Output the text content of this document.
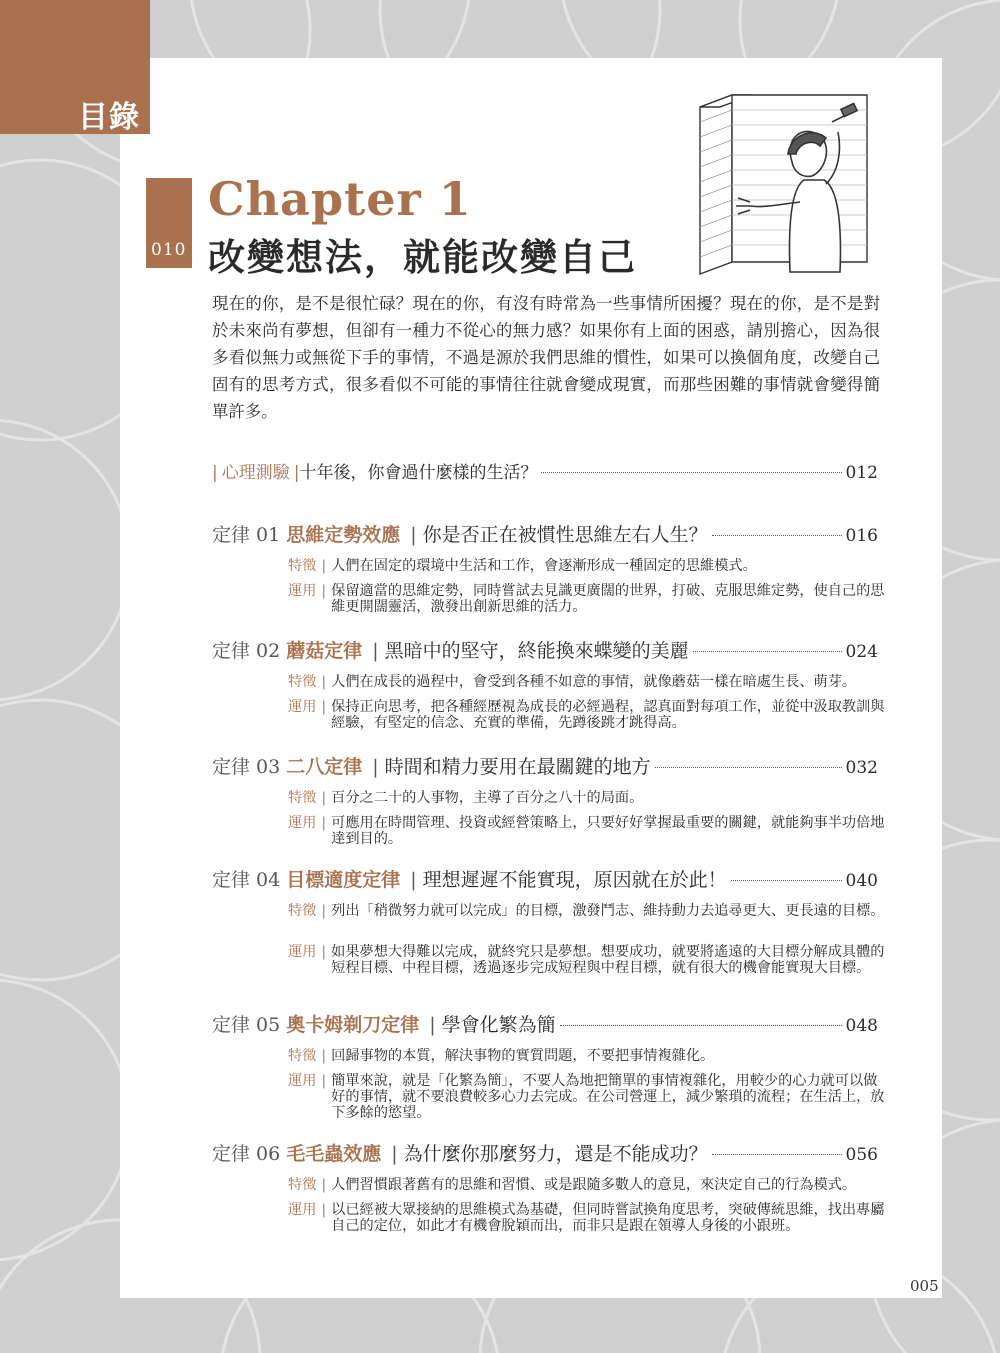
目錄
010
Chapter 1
改變想法，就能改變自己
現在的你，是不是很忙碌？現在的你，有沒有時常為一些事情所困擾？現在的你，是不是對於未來尚有夢想，但卻有一種力不從心的無力感？如果你有上面的困惑，請別擔心，因為很多看似無力或無從下手的事情，不過是源於我們思維的慣性，如果可以換個角度，改變自己固有的思考方式，很多看似不可能的事情往往就會變成現實，而那些困難的事情就會變得簡單許多。
| 心理測驗 | 十年後，你會過什麼樣的生活？	012
定律 01 思維定勢效應 | 你是否正在被慣性思維左右人生？	016
特徵 | 人們在固定的環境中生活和工作，會逐漸形成一種固定的思維模式。
運用 | 保留適當的思維定勢，同時嘗試去見識更廣闊的世界，打破、克服思維定勢，使自己的思維更開闊靈活，激發出創新思維的活力。
定律 02 蘑菇定律 | 黑暗中的堅守，終能換來蝶變的美麗	024
特徵 | 人們在成長的過程中，會受到各種不如意的事情，就像蘑菇一樣在暗處生長、萌芽。
運用 | 保持正向思考，把各種經歷視為成長的必經過程，認真面對每項工作，並從中汲取教訓與經驗，有堅定的信念、充實的準備，先蹲後跳才跳得高。
定律 03 二八定律 | 時間和精力要用在最關鍵的地方	032
特徵 | 百分之二十的人事物，主導了百分之八十的局面。
運用 | 可應用在時間管理、投資或經營策略上，只要好好掌握最重要的關鍵，就能夠事半功倍地達到目的。
定律 04 目標適度定律 | 理想遲遲不能實現，原因就在於此！	040
特徵 | 列出「稍微努力就可以完成」的目標，激發鬥志、維持動力去追尋更大、更長遠的目標。
運用 | 如果夢想大得難以完成，就終究只是夢想。想要成功，就要將遙遠的大目標分解成具體的短程目標、中程目標，透過逐步完成短程與中程目標，就有很大的機會能實現大目標。
定律 05 奧卡姆剃刀定律 | 學會化繁為簡	048
特徵 | 回歸事物的本質，解決事物的實質問題，不要把事情複雜化。
運用 | 簡單來說，就是「化繁為簡」，不要人為地把簡單的事情複雜化，用較少的心力就可以做好的事情，就不要浪費較多心力去完成。在公司營運上，減少繁瑣的流程；在生活上，放下多餘的慾望。
定律 06 毛毛蟲效應 | 為什麼你那麼努力，還是不能成功？	056
特徵 | 人們習慣跟著舊有的思維和習慣、或是跟隨多數人的意見，來決定自己的行為模式。
運用 | 以已經被大眾接納的思維模式為基礎，但同時嘗試換角度思考，突破傳統思維，找出專屬自己的定位，如此才有機會脫穎而出，而非只是跟在領導人身後的小跟班。
005
